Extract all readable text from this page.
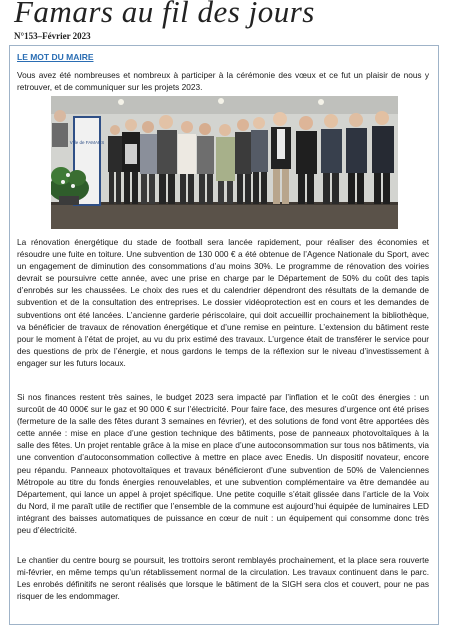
Famars au fil des jours
N°153–Février 2023
LE MOT DU MAIRE

Vous avez été nombreuses et nombreux à participer à la cérémonie des vœux et ce fut un plaisir de nous y retrouver, et de communiquer sur les projets 2023.

Ville de FAMARS

La rénovation énergétique du stade de football sera lancée rapidement, pour réaliser des économies et résoudre une fuite en toiture. Une subvention de 130 000 € a été obtenue de l’Agence Nationale du Sport, avec un engagement de diminution des consommations d’au moins 30%. Le programme de rénovation des voiries devrait se poursuivre cette année, avec une prise en charge par le Département de 50% du coût des tapis d’enrobés sur les chaussées. Le choix des rues et du calendrier dépendront des résultats de la demande de subvention et de la consultation des entreprises. Le dossier vidéoprotection est en cours et les demandes de subventions ont été lancées. L’ancienne garderie périscolaire, qui doit accueillir prochainement la bibliothèque, va bénéficier de travaux de rénovation énergétique et d’une remise en peinture. L’extension du bâtiment reste pour le moment à l’état de projet, au vu du prix estimé des travaux. L’urgence était de transférer le service pour des questions de prix de l’énergie, et nous gardons le temps de la réflexion sur le niveau d’investissement à engager sur les futurs locaux.

Si nos finances restent très saines, le budget 2023 sera impacté par l’inflation et le coût des énergies : un surcoût de 40 000€ sur le gaz et 90 000 € sur l’électricité. Pour faire face, des mesures d’urgence ont été prises (fermeture de la salle des fêtes durant 3 semaines en février), et des solutions de fond vont être apportées dès cette année : mise en place d’une gestion technique des bâtiments, pose de panneaux photovoltaïques à la salle des fêtes. Un projet rentable grâce à la mise en place d’une autoconsommation sur tous nos bâtiments, via une convention d’autoconsommation collective à mettre en place avec Enedis. Un dispositif novateur, encore peu répandu. Panneaux photovoltaïques et travaux bénéficieront d’une subvention de 50% de Valenciennes Métropole au titre du fonds énergies renouvelables, et une subvention complémentaire va être demandée au Département, qui lance un appel à projet spécifique. Une petite coquille s’était glissée dans l’article de la Voix du Nord, il me paraît utile de rectifier que l’ensemble de la commune est aujourd’hui équipée de luminaires LED intégrant des baisses automatiques de puissance en cœur de nuit : un équipement qui consomme donc très peu d’électricité.

Le chantier du centre bourg se poursuit, les trottoirs seront remblayés prochainement, et la place sera rouverte mi-février, en même temps qu’un rétablissement normal de la circulation. Les travaux continuent dans le parc. Les enrobés définitifs ne seront réalisés que lorsque le bâtiment de la SIGH sera clos et couvert, pour ne pas risquer de les endommager.
